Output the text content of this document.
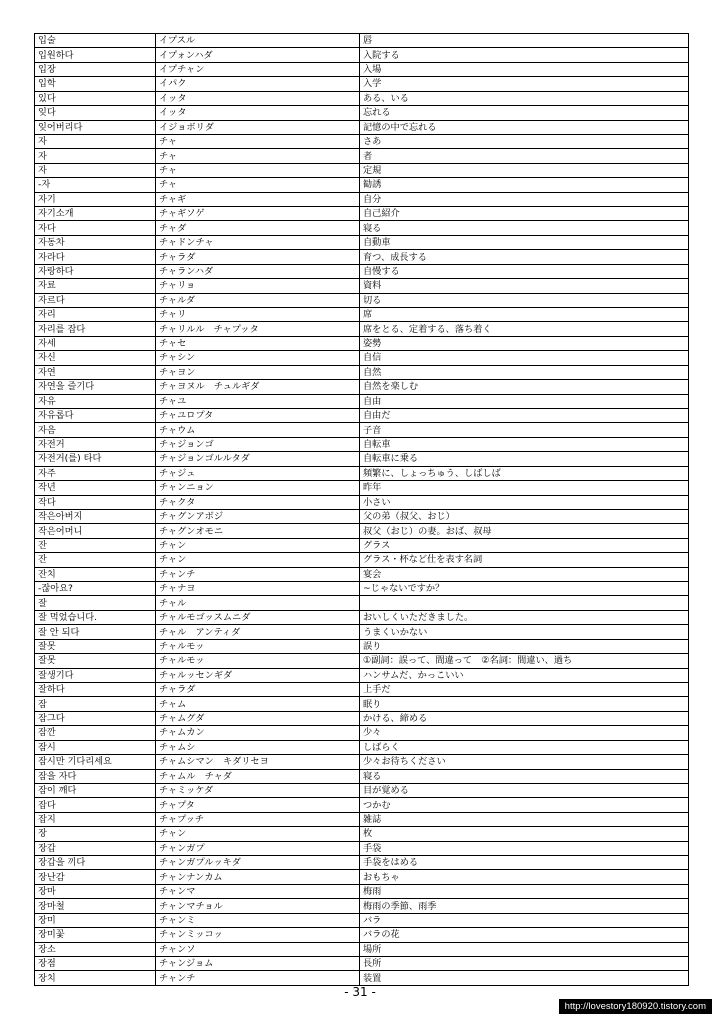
입술	イプスル	唇
입원하다	イプォンハダ	入院する
입장	イプチャン	入場
입학	イパク	入学
있다	イッタ	ある、いる
잊다	イッタ	忘れる
잊어버리다	イジョボリダ	記憶の中で忘れる
자	チャ	さあ
자	チャ	者
자	チャ	定規
-자	チャ	勧誘
자기	チャギ	自分
자기소개	チャギソゲ	自己紹介
자다	チャダ	寝る
자동차	チャドンチャ	自動車
자라다	チャラダ	育つ、成長する
자랑하다	チャランハダ	自慢する
자료	チャリョ	資料
자르다	チャルダ	切る
자리	チャリ	席
자리를 잡다	チャリルル　チャプッタ	席をとる、定着する、落ち着く
자세	チャセ	姿勢
자신	チャシン	自信
자연	チャヨン	自然
자연을 즐기다	チャヨヌル　チュルギダ	自然を楽しむ
자유	チャユ	自由
자유롭다	チャユロプタ	自由だ
자음	チャウム	子音
자전거	チャジョンゴ	自転車
자전거(를) 타다	チャジョンゴルルタダ	自転車に乗る
자주	チャジュ	頻繁に、しょっちゅう、しばしば
작년	チャンニョン	昨年
작다	チャクタ	小さい
작은아버지	チャグンアボジ	父の弟（叔父、おじ）
작은어머니	チャグンオモニ	叔父（おじ）の妻。おば、叔母
잔	チャン	グラス
잔	チャン	グラス・杯など仕を表す名詞
잔치	チャンチ	宴会
-잖아요?	チャナヨ	~じゃないですか？
잘	チャル	
잘 먹었습니다.	チャルモゴッスムニダ	おいしくいただきました。
잘 안 되다	チャル　アンティダ	うまくいかない
잘못	チャルモッ	誤り
잘못	チャルモッ	①副詞：誤って、間違って　②名詞：間違い、過ち
잘생기다	チャルッセンギダ	ハンサムだ、かっこいい
잘하다	チャラダ	上手だ
잠	チャム	眠り
잠그다	チャムグダ	かける、締める
잠깐	チャムカン	少々
잠시	チャムシ	しばらく
잠시만 기다리세요	チャムシマン　キダリセヨ	少々お待ちください
잠을 자다	チャムル　チャダ	寝る
잠이 깨다	チャミッケダ	目が覚める
잡다	チャプタ	つかむ
잡지	チャプッチ	雑誌
장	チャン	枚
장갑	チャンガプ	手袋
장갑을 끼다	チャンガプルッキダ	手袋をはめる
장난감	チャンナンカム	おもちゃ
장마	チャンマ	梅雨
장마철	チャンマチョル	梅雨の季節、雨季
장미	チャンミ	バラ
장미꽃	チャンミッコッ	バラの花
장소	チャンソ	場所
장점	チャンジョム	長所
장치	チャンチ	装置
- 31 -
http://lovestory180920.tistory.com
